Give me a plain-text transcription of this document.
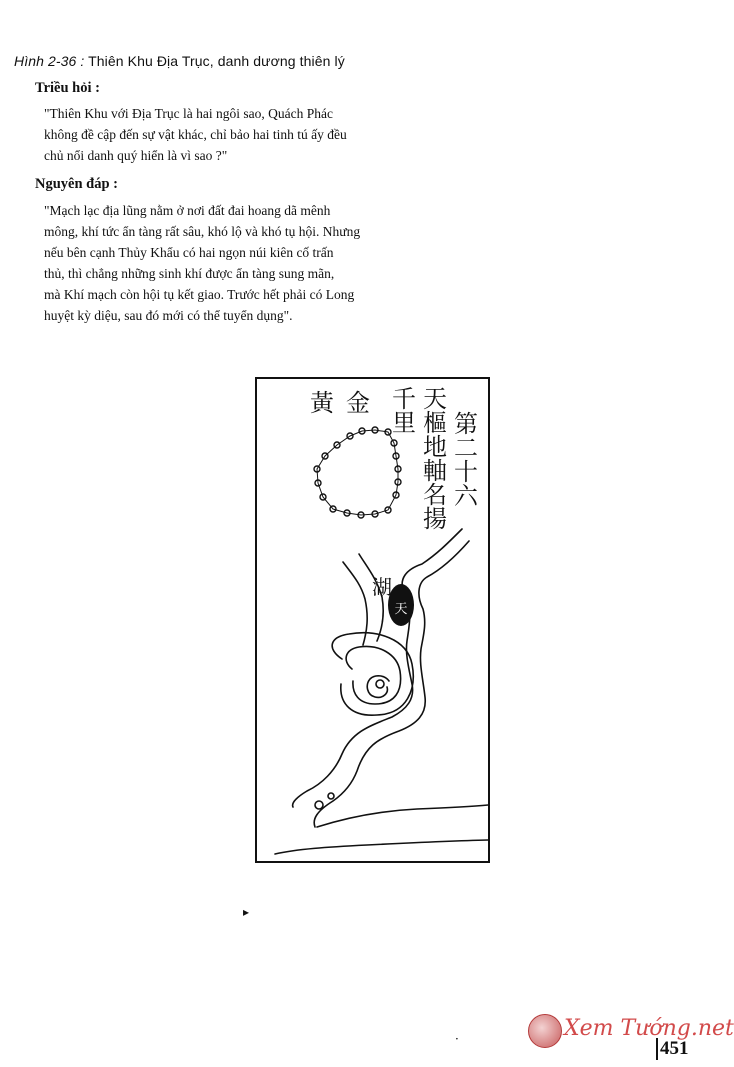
Hình 2-36 : Thiên Khu Địa Trục, danh dương thiên lý
Triều hỏi :
"Thiên Khu với Địa Trục là hai ngôi sao, Quách Phác
không đề cập đến sự vật khác, chỉ bảo hai tinh tú ấy đều
chủ nổi danh quý hiển là vì sao ?"
Nguyên đáp :
"Mạch lạc địa lũng nằm ở nơi đất đai hoang dã mênh
mông, khí tức ẩn tàng rất sâu, khó lộ và khó tụ hội. Nhưng
nếu bên cạnh Thủy Khẩu có hai ngọn núi kiên cố trấn
thủ, thì chẳng những sinh khí được ẩn tàng sung mãn,
mà Khí mạch còn hội tụ kết giao. Trước hết phải có Long
huyệt kỳ diệu, sau đó mới có thể tuyển dụng".
第
二
十
六
天
樞
地
軸
名
揚
千
里
金
黃
湖
天
▸
·	Xem Tướng.net
451
